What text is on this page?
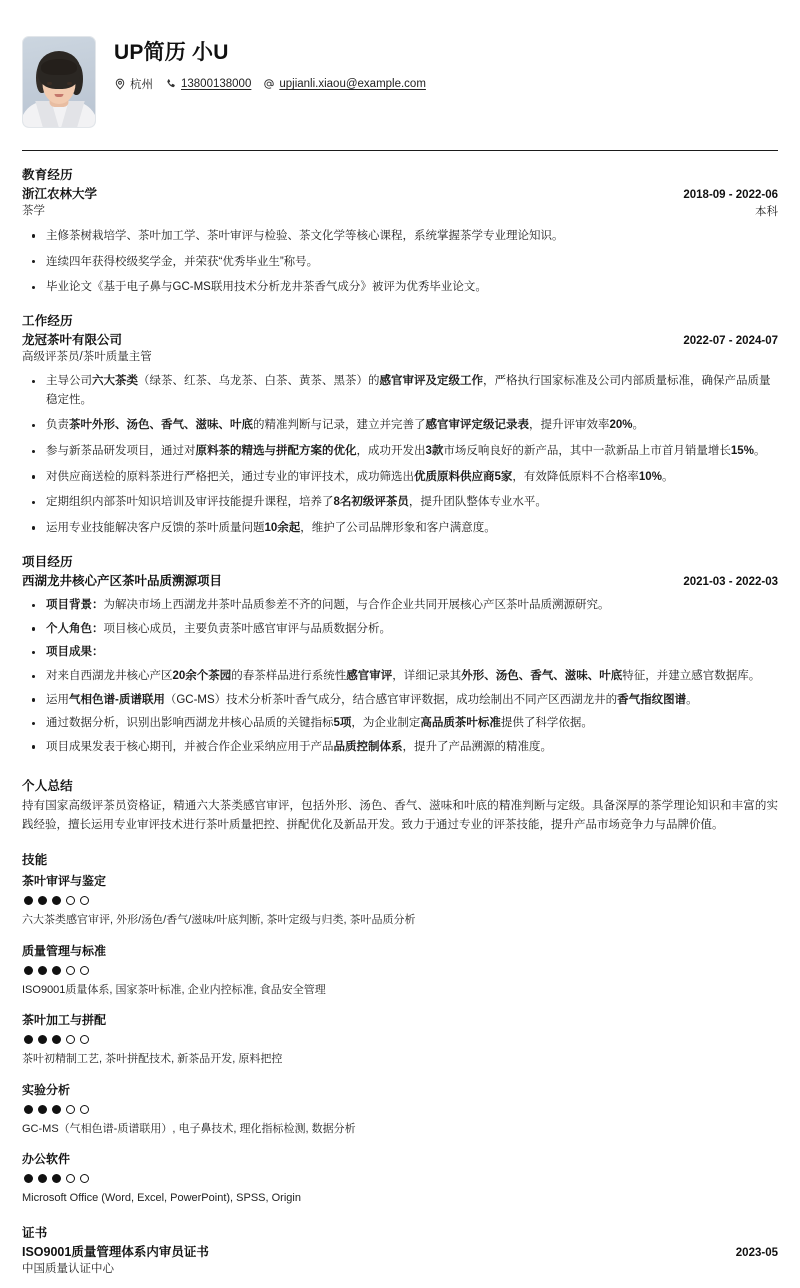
UP简历 小U
杭州 13800138000 upjianli.xiaou@example.com
教育经历
浙江农林大学
茶学
2018-09 - 2022-06
本科
主修茶树栽培学、茶叶加工学、茶叶审评与检验、茶文化学等核心课程，系统掌握茶学专业理论知识。
连续四年获得校级奖学金，并荣获“优秀毕业生”称号。
毕业论文《基于电子鼻与GC-MS联用技术分析龙井茶香气成分》被评为优秀毕业论文。
工作经历
龙冠茶叶有限公司
高级评茶员/茶叶质量主管
2022-07 - 2024-07
主导公司六大茶类（绿茶、红茶、乌龙茶、白茶、黄茶、黑茶）的感官审评及定级工作，严格执行国家标准及公司内部质量标准，确保产品质量稳定性。
负责茶叶外形、汤色、香气、滋味、叶底的精准判断与记录，建立并完善了感官审评定级记录表，提升评审效率20%。
参与新茶品研发项目，通过对原料茶的精选与拼配方案的优化，成功开发出3款市场反响良好的新产品，其中一款新品上市首月销量增长15%。
对供应商送检的原料茶进行严格把关，通过专业的审评技术，成功筛选出优质原料供应商5家，有效降低原料不合格率10%。
定期组织内部茶叶知识培训及审评技能提升课程，培养了8名初级评茶员，提升团队整体专业水平。
运用专业技能解决客户反馈的茶叶质量问题10余起，维护了公司品牌形象和客户满意度。
项目经历
西湖龙井核心产区茶叶品质溯源项目	2021-03 - 2022-03
项目背景：为解决市场上西湖龙井茶叶品质参差不齐的问题，与合作企业共同开展核心产区茶叶品质溯源研究。
个人角色：项目核心成员，主要负责茶叶感官审评与品质数据分析。
项目成果：
对来自西湖龙井核心产区20余个茶园的春茶样品进行系统性感官审评，详细记录其外形、汤色、香气、滋味、叶底特征，并建立感官数据库。
运用气相色谱-质谱联用（GC-MS）技术分析茶叶香气成分，结合感官审评数据，成功绘制出不同产区西湖龙井的香气指纹图谱。
通过数据分析，识别出影响西湖龙井核心品质的关键指标5项，为企业制定高品质茶叶标准提供了科学依据。
项目成果发表于核心期刊，并被合作企业采纳应用于产品品质控制体系，提升了产品溯源的精准度。
个人总结
持有国家高级评茶员资格证，精通六大茶类感官审评，包括外形、汤色、香气、滋味和叶底的精准判断与定级。具备深厚的茶学理论知识和丰富的实践经验，擅长运用专业审评技术进行茶叶质量把控、拼配优化及新品开发。致力于通过专业的评茶技能，提升产品市场竞争力与品牌价值。
技能
茶叶审评与鉴定
六大茶类感官审评, 外形/汤色/香气/滋味/叶底判断, 茶叶定级与归类, 茶叶品质分析
质量管理与标准
ISO9001质量体系, 国家茶叶标准, 企业内控标准, 食品安全管理
茶叶加工与拼配
茶叶初精制工艺, 茶叶拼配技术, 新茶品开发, 原料把控
实验分析
GC-MS（气相色谱-质谱联用）, 电子鼻技术, 理化指标检测, 数据分析
办公软件
Microsoft Office (Word, Excel, PowerPoint), SPSS, Origin
证书
ISO9001质量管理体系内审员证书
中国质量认证中心
2023-05
